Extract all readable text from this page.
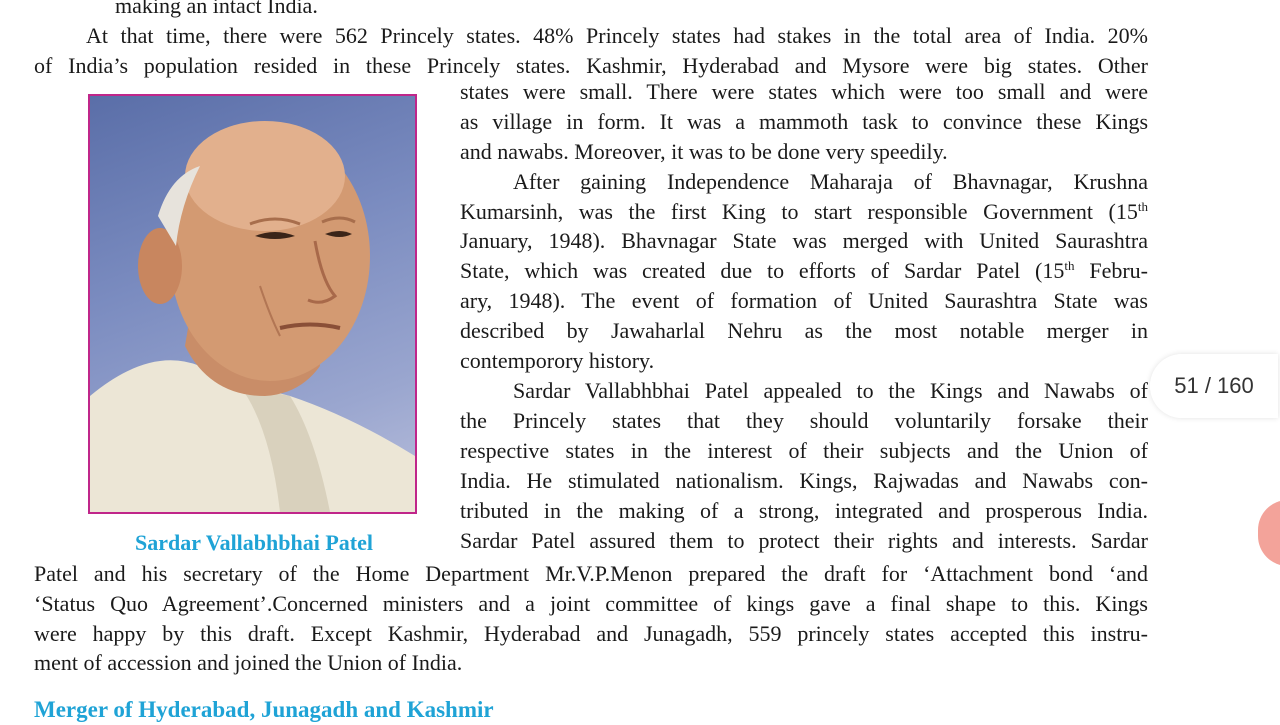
making an intact India.
At that time, there were 562 Princely states. 48% Princely states had stakes in the total area of India. 20%
of India’s population resided in these Princely states. Kashmir, Hyderabad and Mysore were big states. Other
states were small. There were states which were too small and were
as village in form. It was a mammoth task to convince these Kings
and nawabs. Moreover, it was to be done very speedily.
After gaining Independence Maharaja of Bhavnagar, Krushna
Kumarsinh, was the first King to start responsible Government (15th
January, 1948). Bhavnagar State was merged with United Saurashtra
State, which was created due to efforts of Sardar Patel (15th Febru-
ary, 1948). The event of formation of United Saurashtra State was
described by Jawaharlal Nehru as the most notable merger in
contemporory history.
Sardar Vallabhbhai Patel appealed to the Kings and Nawabs of
the Princely states that they should voluntarily forsake their
respective states in the interest of their subjects and the Union of
India. He stimulated nationalism. Kings, Rajwadas and Nawabs con-
tributed in the making of a strong, integrated and prosperous India.
Sardar Patel assured them to protect their rights and interests. Sardar
Patel and his secretary of the Home Department Mr.V.P.Menon prepared the draft for ‘Attachment bond ‘and
‘Status Quo Agreement’.Concerned ministers and a joint committee of kings gave a final shape to this. Kings
were happy by this draft. Except Kashmir, Hyderabad and Junagadh, 559 princely states accepted this instru-
ment of accession and joined the Union of India.
Sardar Vallabhbhai Patel
Merger of Hyderabad, Junagadh and Kashmir
51 / 160
